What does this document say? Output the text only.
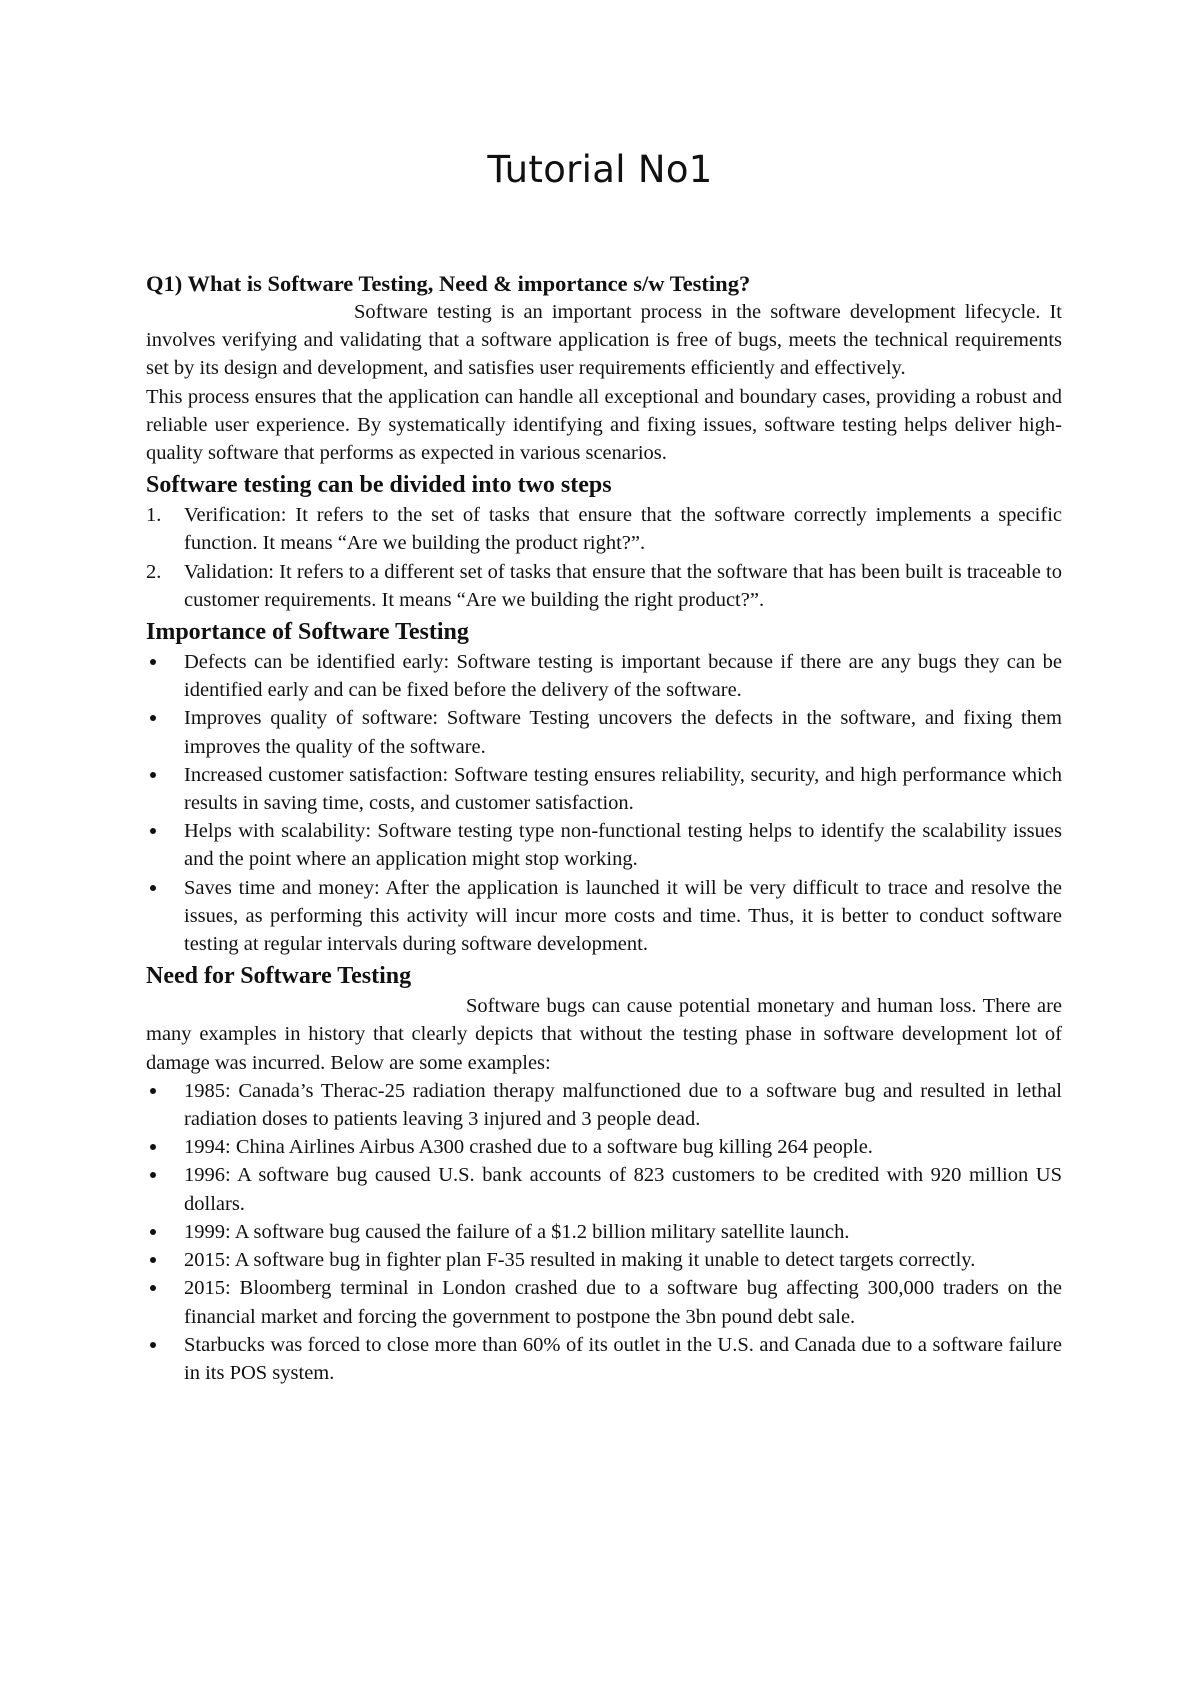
Tutorial No1

Q1) What is Software Testing, Need & importance s/w Testing?

Software testing is an important process in the software development lifecycle. It involves verifying and validating that a software application is free of bugs, meets the technical requirements set by its design and development, and satisfies user requirements efficiently and effectively.

This process ensures that the application can handle all exceptional and boundary cases, providing a robust and reliable user experience. By systematically identifying and fixing issues, software testing helps deliver high-quality software that performs as expected in various scenarios.

Software testing can be divided into two steps
1. Verification: It refers to the set of tasks that ensure that the software correctly implements a specific function. It means “Are we building the product right?”.
2. Validation: It refers to a different set of tasks that ensure that the software that has been built is traceable to customer requirements. It means “Are we building the right product?”.
Importance of Software Testing
Defects can be identified early: Software testing is important because if there are any bugs they can be identified early and can be fixed before the delivery of the software.
Improves quality of software: Software Testing uncovers the defects in the software, and fixing them improves the quality of the software.
Increased customer satisfaction: Software testing ensures reliability, security, and high performance which results in saving time, costs, and customer satisfaction.
Helps with scalability: Software testing type non-functional testing helps to identify the scalability issues and the point where an application might stop working.
Saves time and money: After the application is launched it will be very difficult to trace and resolve the issues, as performing this activity will incur more costs and time. Thus, it is better to conduct software testing at regular intervals during software development.
Need for Software Testing

Software bugs can cause potential monetary and human loss. There are many examples in history that clearly depicts that without the testing phase in software development lot of damage was incurred. Below are some examples:

1985: Canada’s Therac-25 radiation therapy malfunctioned due to a software bug and resulted in lethal radiation doses to patients leaving 3 injured and 3 people dead.
1994: China Airlines Airbus A300 crashed due to a software bug killing 264 people.
1996: A software bug caused U.S. bank accounts of 823 customers to be credited with 920 million US dollars.
1999: A software bug caused the failure of a $1.2 billion military satellite launch.
2015: A software bug in fighter plan F-35 resulted in making it unable to detect targets correctly.
2015: Bloomberg terminal in London crashed due to a software bug affecting 300,000 traders on the financial market and forcing the government to postpone the 3bn pound debt sale.
Starbucks was forced to close more than 60% of its outlet in the U.S. and Canada due to a software failure in its POS system.
